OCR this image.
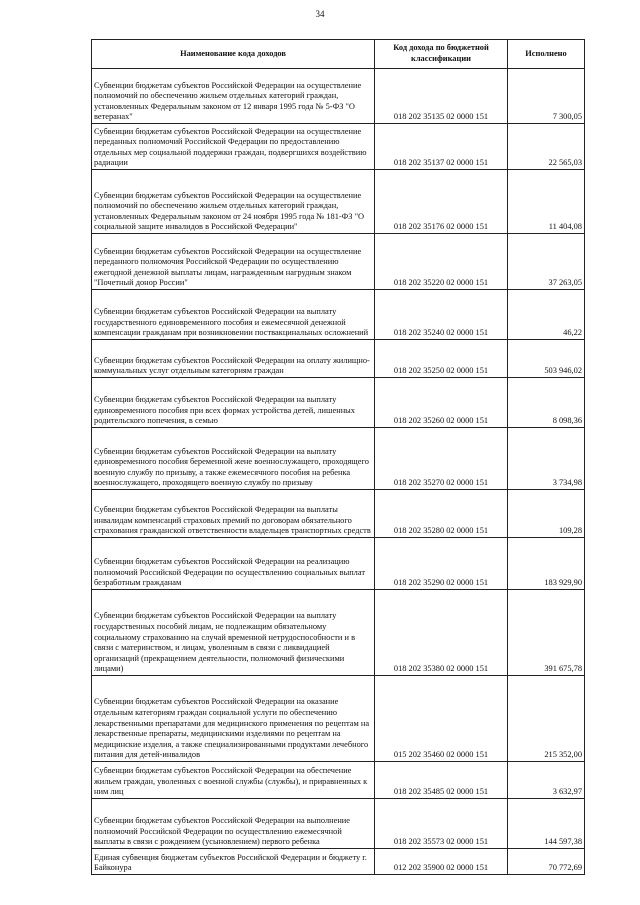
34
Наименование кода доходов	Код дохода по бюджетной классификации	Исполнено
Субвенции бюджетам субъектов Российской Федерации на осуществление полномочий по обеспечению жильем отдельных категорий граждан, установленных Федеральным законом от 12 января 1995 года № 5-ФЗ "О ветеранах"	018 202 35135 02 0000 151	7 300,05
Субвенции бюджетам субъектов Российской Федерации на осуществление переданных полномочий Российской Федерации по предоставлению отдельных мер социальной поддержки граждан, подвергшихся воздействию радиации	018 202 35137 02 0000 151	22 565,03
Субвенции бюджетам субъектов Российской Федерации на осуществление полномочий по обеспечению жильем отдельных категорий граждан, установленных Федеральным законом от 24 ноября 1995 года № 181-ФЗ "О социальной защите инвалидов в Российской Федерации"	018 202 35176 02 0000 151	11 404,08
Субвенции бюджетам субъектов Российской Федерации на осуществление переданного полномочия Российской Федерации по осуществлению ежегодной денежной выплаты лицам, награжденным нагрудным знаком "Почетный донор России"	018 202 35220 02 0000 151	37 263,05
Субвенции бюджетам субъектов Российской Федерации на выплату государственного единовременного пособия и ежемесячной денежной компенсации гражданам при возникновении поствакцинальных осложнений	018 202 35240 02 0000 151	46,22
Субвенции бюджетам субъектов Российской Федерации на оплату жилищно-коммунальных услуг отдельным категориям граждан	018 202 35250 02 0000 151	503 946,02
Субвенции бюджетам субъектов Российской Федерации на выплату единовременного пособия при всех формах устройства детей, лишенных родительского попечения, в семью	018 202 35260 02 0000 151	8 098,36
Субвенции бюджетам субъектов Российской Федерации на выплату единовременного пособия беременной жене военнослужащего, проходящего военную службу по призыву, а также ежемесячного пособия на ребенка военнослужащего, проходящего военную службу по призыву	018 202 35270 02 0000 151	3 734,98
Субвенции бюджетам субъектов Российской Федерации на выплаты инвалидам компенсаций страховых премий по договорам обязательного страхования гражданской ответственности владельцев транспортных средств	018 202 35280 02 0000 151	109,28
Субвенции бюджетам субъектов Российской Федерации на реализацию полномочий Российской Федерации по осуществлению социальных выплат безработным гражданам	018 202 35290 02 0000 151	183 929,90
Субвенции бюджетам субъектов Российской Федерации на выплату государственных пособий лицам, не подлежащим обязательному социальному страхованию на случай временной нетрудоспособности и в связи с материнством, и лицам, уволенным в связи с ликвидацией организаций (прекращением деятельности, полномочий физическими лицами)	018 202 35380 02 0000 151	391 675,78
Субвенции бюджетам субъектов Российской Федерации на оказание отдельным категориям граждан социальной услуги по обеспечению лекарственными препаратами для медицинского применения по рецептам на лекарственные препараты, медицинскими изделиями по рецептам на медицинские изделия, а также специализированными продуктами лечебного питания для детей-инвалидов	015 202 35460 02 0000 151	215 352,00
Субвенции бюджетам субъектов Российской Федерации на обеспечение жильем граждан, уволенных с военной службы (службы), и приравненных к ним лиц	018 202 35485 02 0000 151	3 632,97
Субвенции бюджетам субъектов Российской Федерации на выполнение полномочий Российской Федерации по осуществлению ежемесячной выплаты в связи с рождением (усыновлением) первого ребенка	018 202 35573 02 0000 151	144 597,38
Единая субвенция бюджетам субъектов Российской Федерации и бюджету г. Байконура	012 202 35900 02 0000 151	70 772,69
